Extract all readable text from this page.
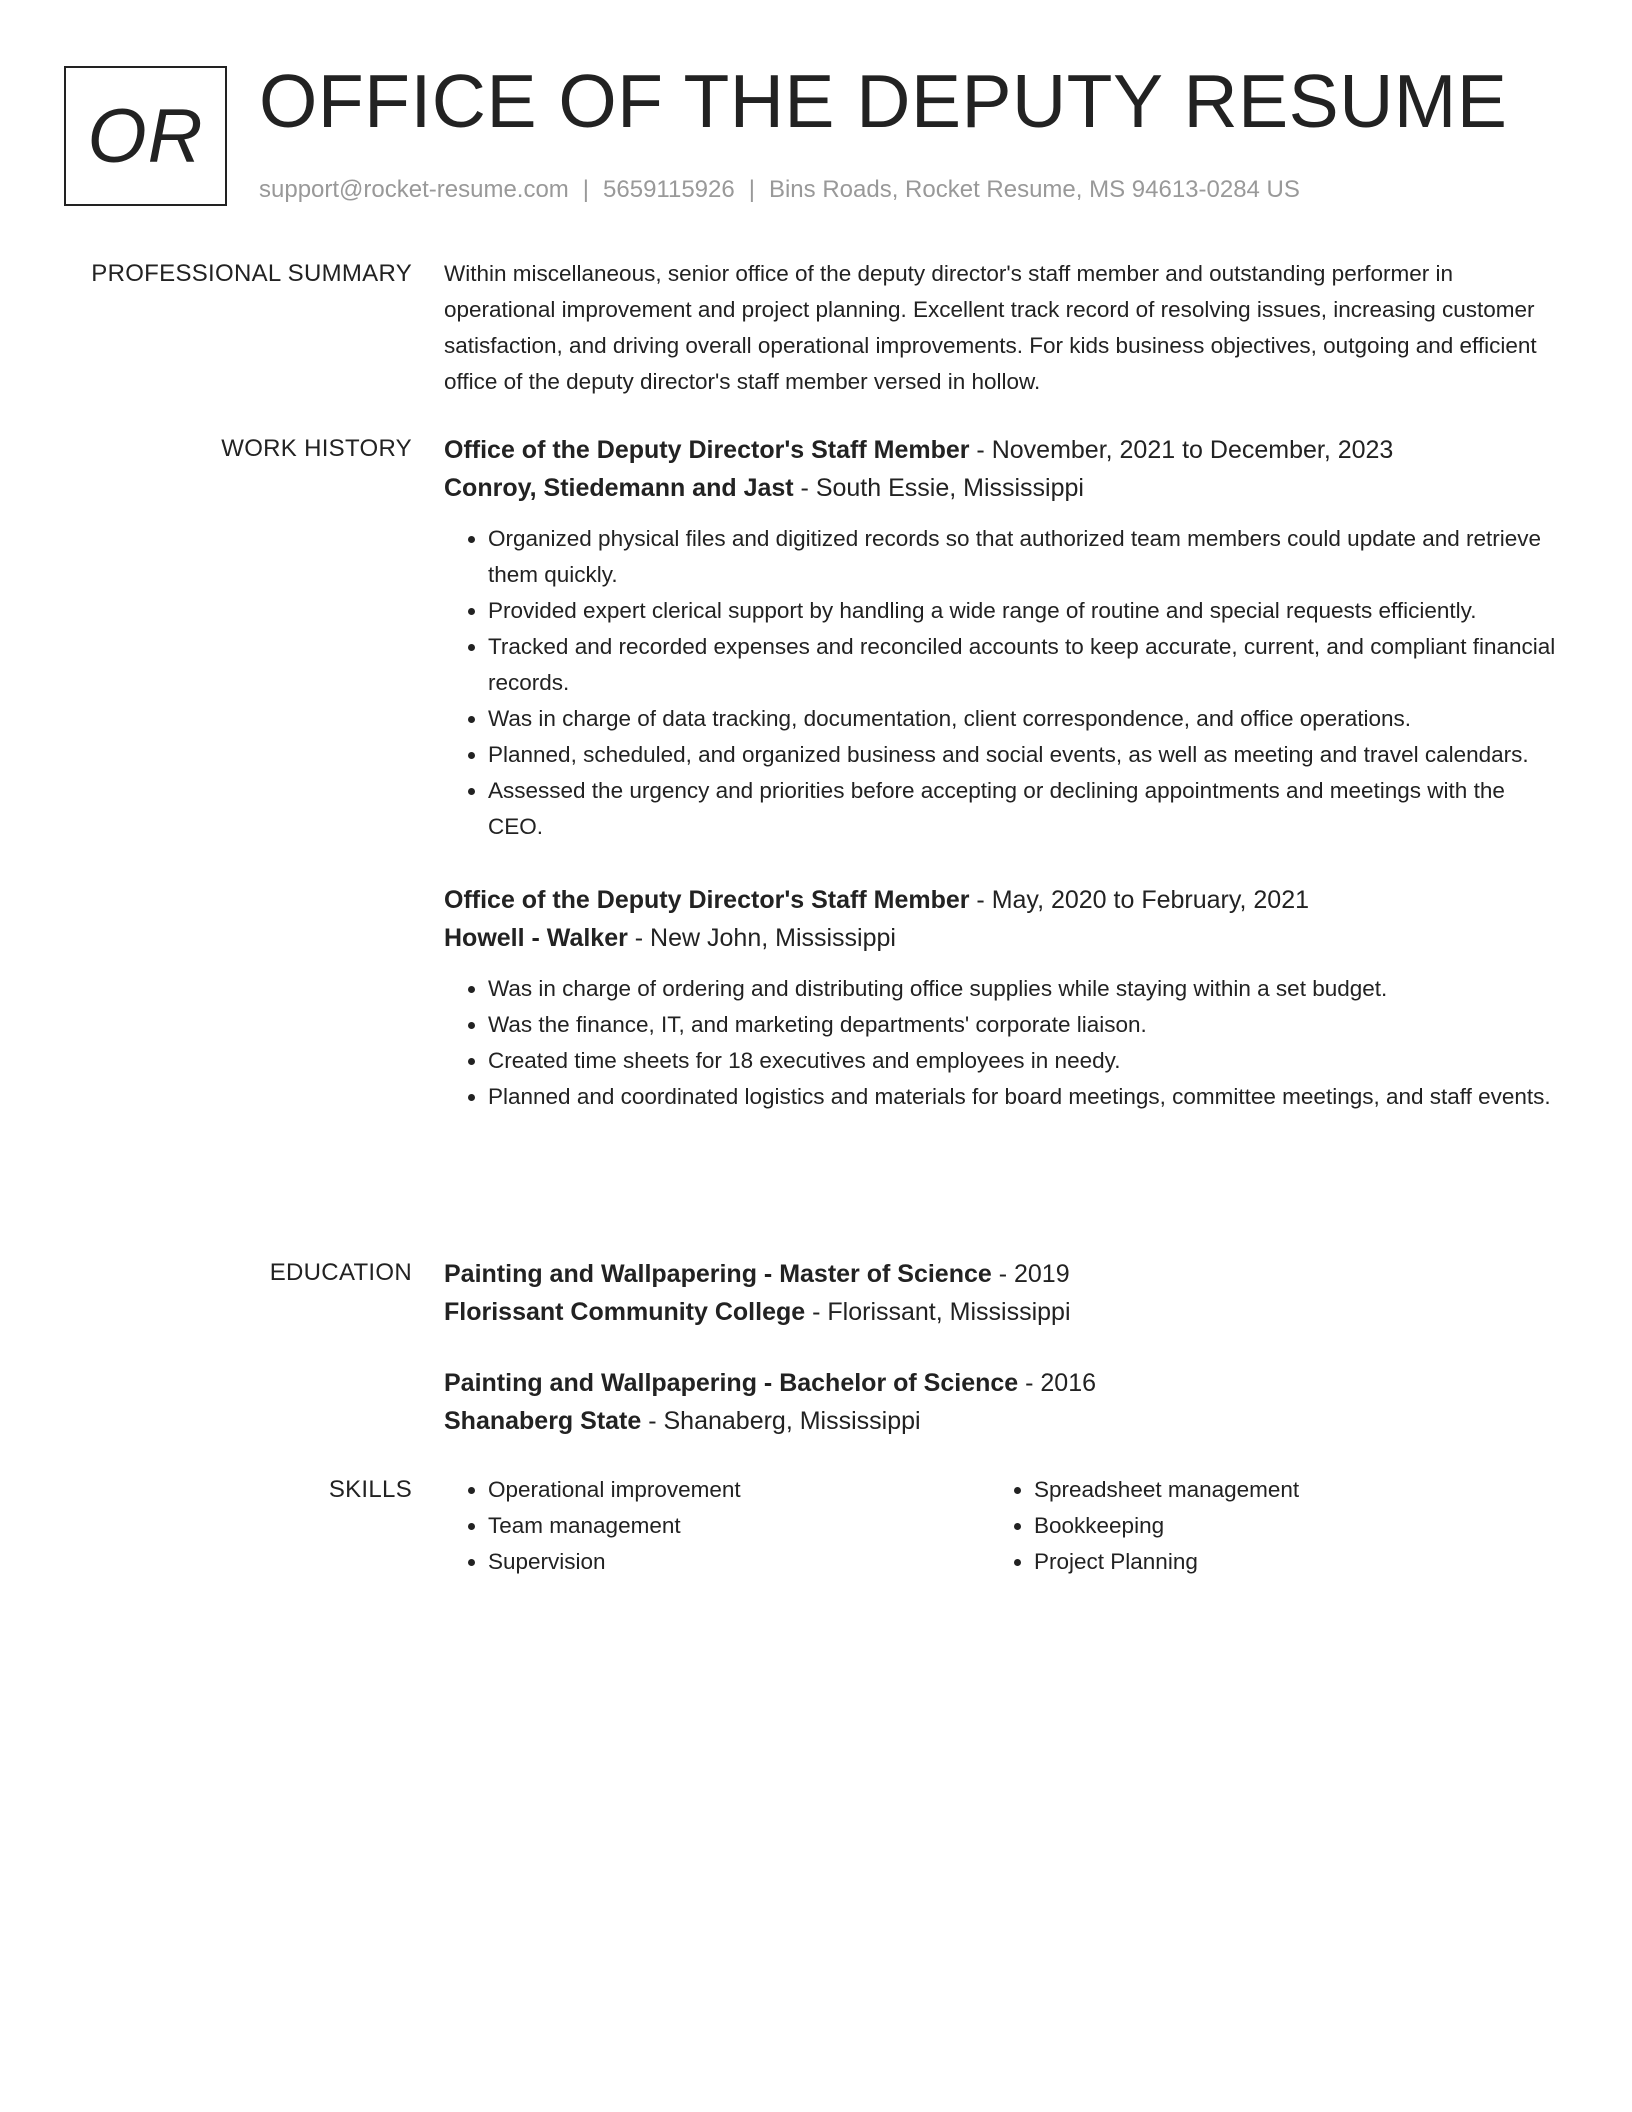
OR OFFICE OF THE DEPUTY RESUME
support@rocket-resume.com | 5659115926 | Bins Roads, Rocket Resume, MS 94613-0284 US
PROFESSIONAL SUMMARY Within miscellaneous, senior office of the deputy director's staff member and outstanding performer in operational improvement and project planning. Excellent track record of resolving issues, increasing customer satisfaction, and driving overall operational improvements. For kids business objectives, outgoing and efficient office of the deputy director's staff member versed in hollow.

WORK HISTORY Office of the Deputy Director's Staff Member - November, 2021 to December, 2023

Conroy, Stiedemann and Jast - South Essie, Mississippi

• Organized physical files and digitized records so that authorized team members could update and retrieve them quickly.
• Provided expert clerical support by handling a wide range of routine and special requests efficiently.
• Tracked and recorded expenses and reconciled accounts to keep accurate, current, and compliant financial records.
• Was in charge of data tracking, documentation, client correspondence, and office operations.
• Planned, scheduled, and organized business and social events, as well as meeting and travel calendars.
• Assessed the urgency and priorities before accepting or declining appointments and meetings with the CEO.

Office of the Deputy Director's Staff Member - May, 2020 to February, 2021

Howell - Walker - New John, Mississippi

• Was in charge of ordering and distributing office supplies while staying within a set budget.
• Was the finance, IT, and marketing departments' corporate liaison.
• Created time sheets for 18 executives and employees in needy.
• Planned and coordinated logistics and materials for board meetings, committee meetings, and staff events.
EDUCATION Painting and Wallpapering - Master of Science - 2019

Florissant Community College - Florissant, Mississippi

Painting and Wallpapering - Bachelor of Science - 2016

Shanaberg State - Shanaberg, Mississippi

SKILLS
•	Operational improvement
• Team management
• Supervision
• Spreadsheet management
• Bookkeeping
• Project Planning
